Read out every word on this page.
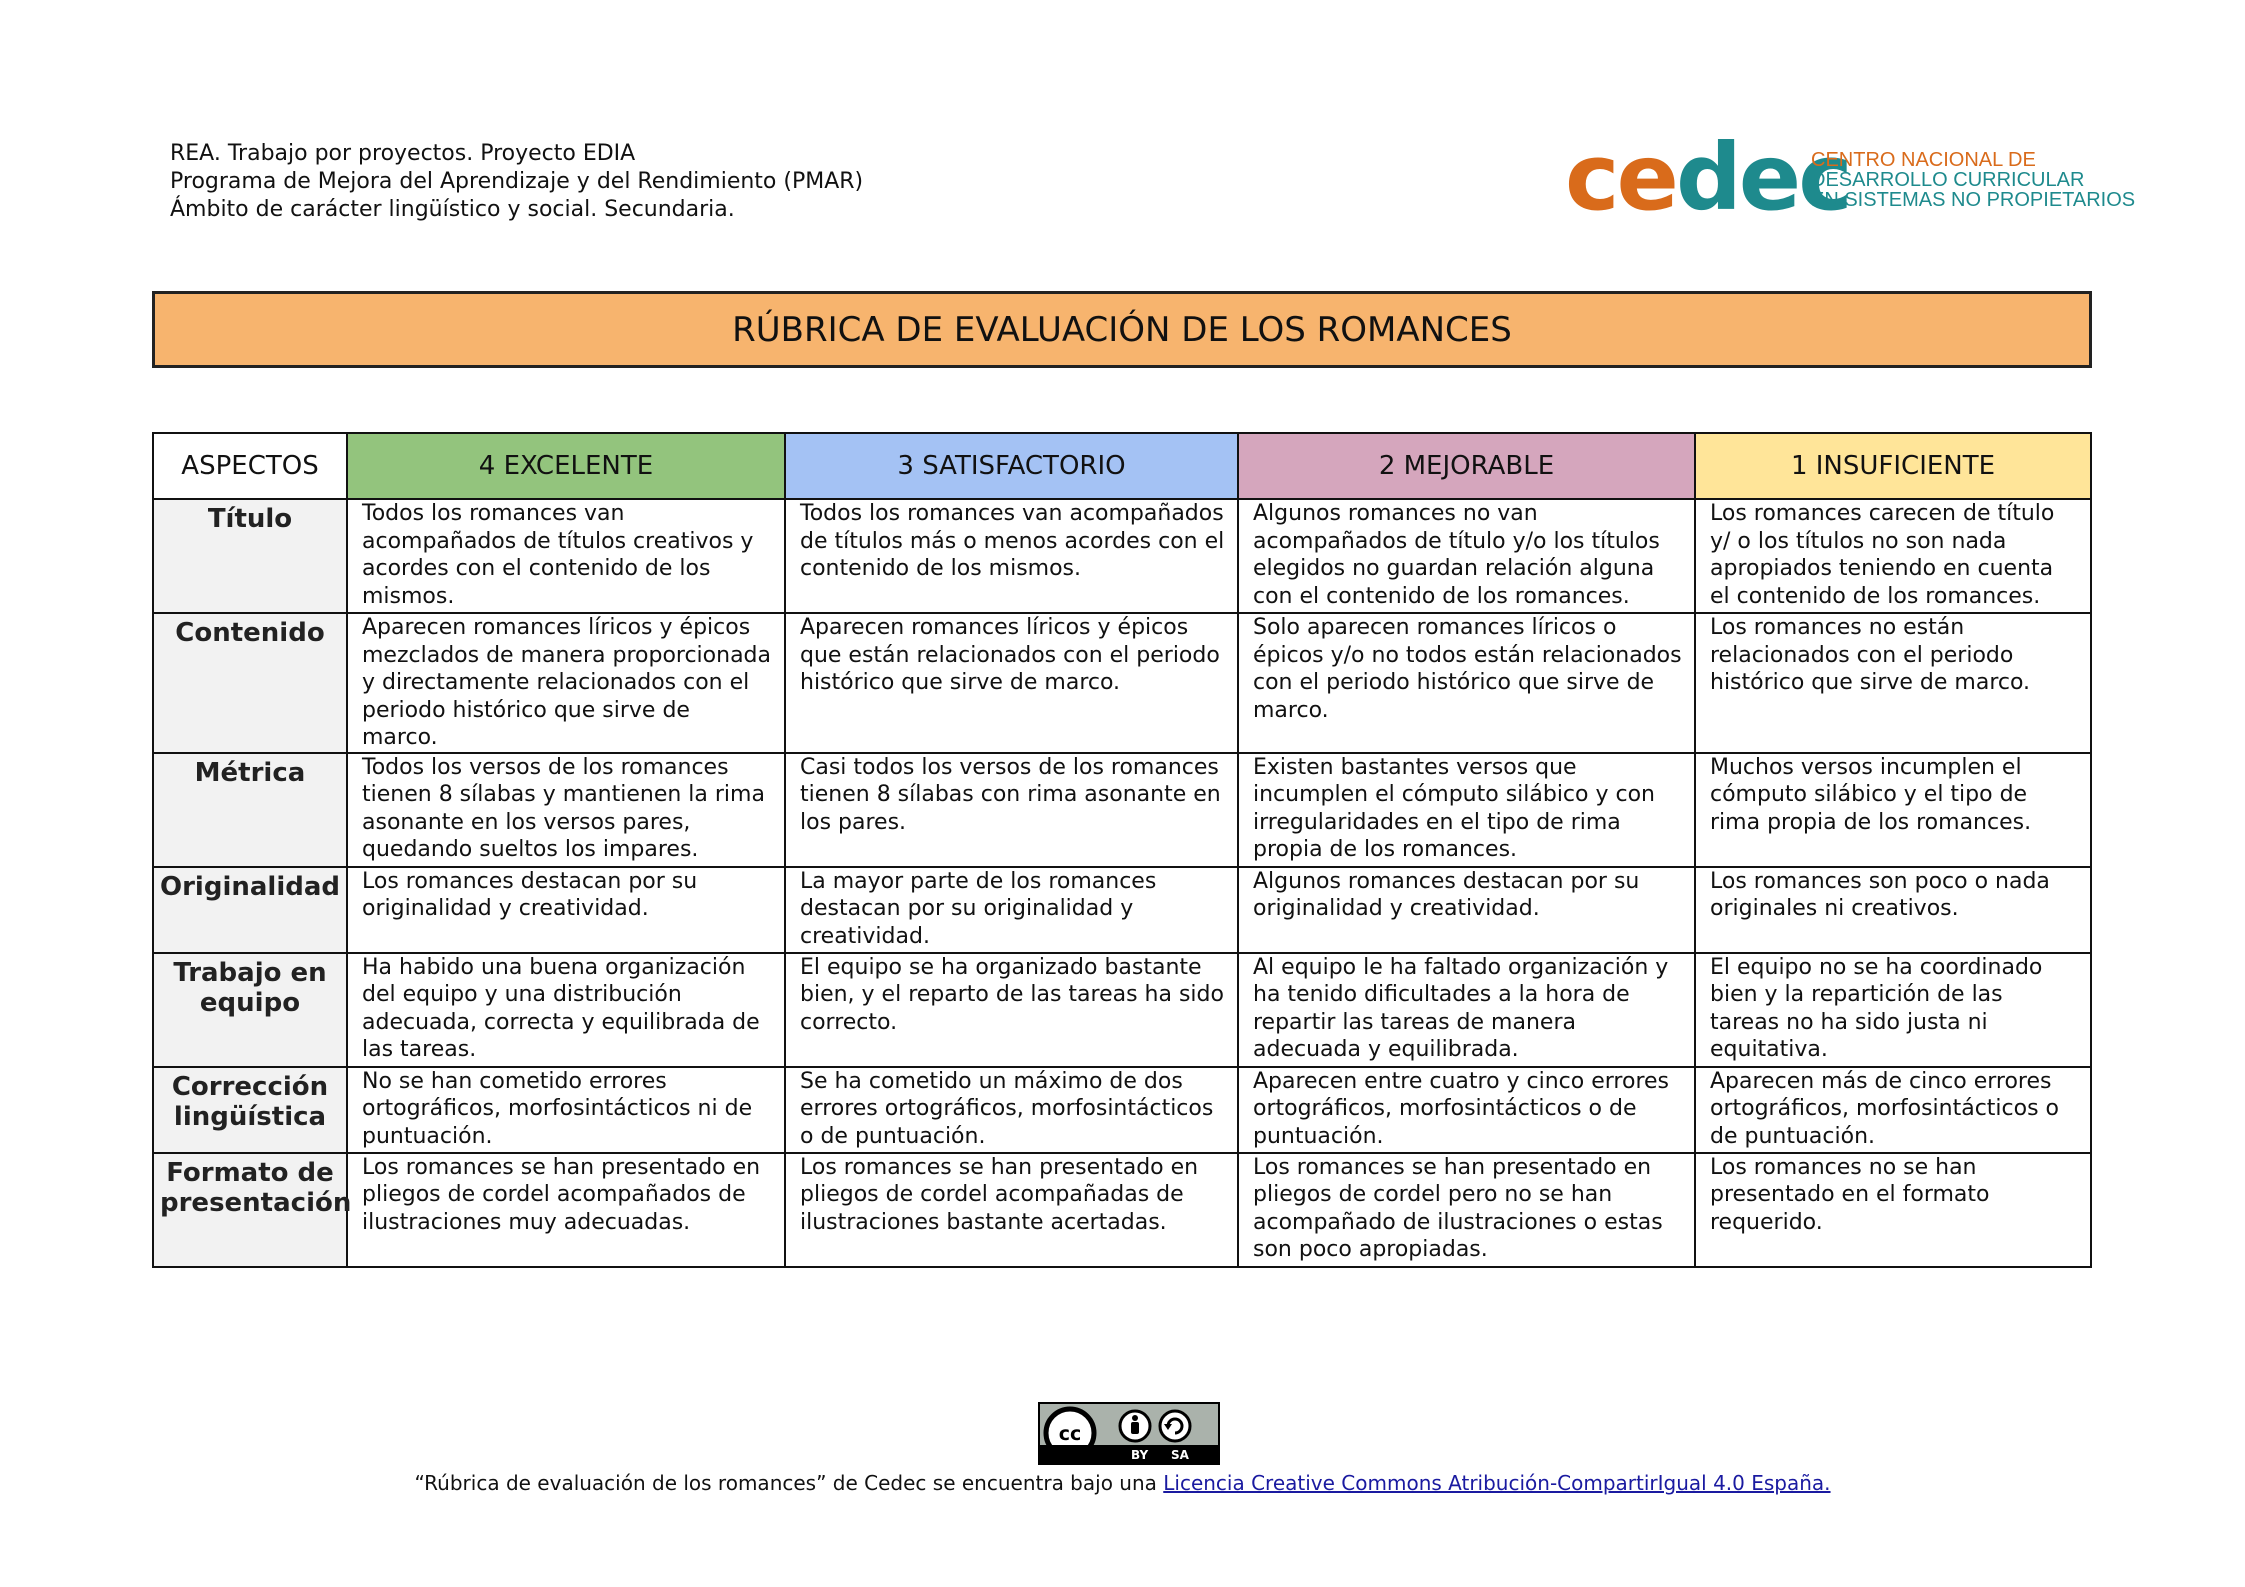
REA. Trabajo por proyectos. Proyecto EDIA
Programa de Mejora del Aprendizaje y del Rendimiento (PMAR)
Ámbito de carácter lingüístico y social. Secundaria.	cedec
CENTRO NACIONAL DE
DESARROLLO CURRICULAR
EN SISTEMAS NO PROPIETARIOS
RÚBRICA DE EVALUACIÓN DE LOS ROMANCES
ASPECTOS	4 EXCELENTE	3 SATISFACTORIO	2 MEJORABLE	1 INSUFICIENTE
Título	Todos los romances van acompañados de títulos creativos y acordes con el contenido de los mismos.	Todos los romances van acompañados de títulos más o menos acordes con el contenido de los mismos.	Algunos romances no van acompañados de título y/o los títulos elegidos no guardan relación alguna con el contenido de los romances.	Los romances carecen de título y/ o los títulos no son nada apropiados teniendo en cuenta el contenido de los romances.
Contenido	Aparecen romances líricos y épicos mezclados de manera proporcionada y directamente relacionados con el periodo histórico que sirve de marco.	Aparecen romances líricos y épicos que están relacionados con el periodo histórico que sirve de marco.	Solo aparecen romances líricos o épicos y/o no todos están relacionados con el periodo histórico que sirve de marco.	Los romances no están relacionados con el periodo histórico que sirve de marco.
Métrica	Todos los versos de los romances tienen 8 sílabas y mantienen la rima asonante en los versos pares, quedando sueltos los impares.	Casi todos los versos de los romances tienen 8 sílabas con rima asonante en los pares.	Existen bastantes versos que incumplen el cómputo silábico y con irregularidades en el tipo de rima propia de los romances.	Muchos versos incumplen el cómputo silábico y el tipo de rima propia de los romances.
Originalidad	Los romances destacan por su originalidad y creatividad.	La mayor parte de los romances destacan por su originalidad y creatividad.	Algunos romances destacan por su originalidad y creatividad.	Los romances son poco o nada originales ni creativos.
Trabajo en equipo	Ha habido una buena organización del equipo y una distribución adecuada, correcta y equilibrada de las tareas.	El equipo se ha organizado bastante bien, y el reparto de las tareas ha sido correcto.	Al equipo le ha faltado organización y ha tenido dificultades a la hora de repartir las tareas de manera adecuada y equilibrada.	El equipo no se ha coordinado bien y la repartición de las tareas no ha sido justa ni equitativa.
Corrección lingüística	No se han cometido errores ortográficos, morfosintácticos ni de puntuación.	Se ha cometido un máximo de dos errores ortográficos, morfosintácticos o de puntuación.	Aparecen entre cuatro y cinco errores ortográficos, morfosintácticos o de puntuación.	Aparecen más de cinco errores ortográficos, morfosintácticos o de puntuación.
Formato de presentación	Los romances se han presentado en pliegos de cordel acompañados de ilustraciones muy adecuadas.	Los romances se han presentado en pliegos de cordel acompañadas de ilustraciones bastante acertadas.	Los romances se han presentado en pliegos de cordel pero no se han acompañado de ilustraciones o estas son poco apropiadas.	Los romances no se han presentado en el formato requerido.
cc
BY SA
“Rúbrica de evaluación de los romances” de Cedec se encuentra bajo una Licencia Creative Commons Atribución-CompartirIgual 4.0 España.
